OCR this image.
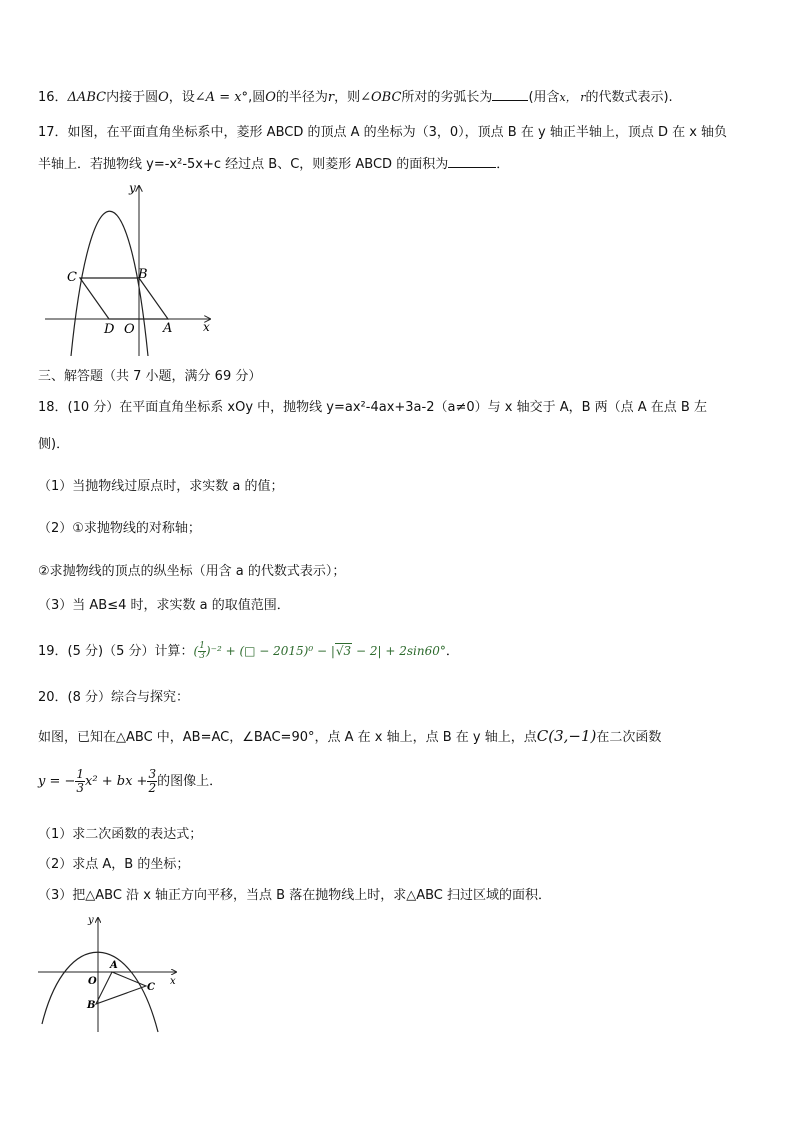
16．ΔABC内接于圆O，设∠A = x°,圆O的半径为r，则∠OBC所对的劣弧长为	(用含x， r的代数式表示).
17．如图，在平面直角坐标系中，菱形 ABCD 的顶点 A 的坐标为（3，0），顶点 B 在 y 轴正半轴上，顶点 D 在 x 轴负
半轴上．若抛物线 y=-x²-5x+c 经过点 B、C，则菱形 ABCD 的面积为	．
y
x
C	B
D O A
三、解答题（共 7 小题，满分 69 分）
18．(10 分）在平面直角坐标系 xOy 中，抛物线 y=ax²-4ax+3a-2（a≠0）与 x 轴交于 A，B 两（点 A 在点 B 左
侧)．
（1）当抛物线过原点时，求实数 a 的值；
（2）①求抛物线的对称轴；
②求抛物线的顶点的纵坐标（用含 a 的代数式表示）；
（3）当 AB≤4 时，求实数 a 的取值范围．
19．(5 分)（5 分）计算：( $\frac{1}{3} )^{-2}$ + (□ − 2015)⁰ − |√3 − 2| + 2sin60°．
20．(8 分）综合与探究：
如图，已知在△ABC 中，AB=AC，∠BAC=90°，点 A 在 x 轴上，点 B 在 y 轴上，点C(3,−1)在二次函数
y = − $\frac{1}{3} x^2$ + bx + $\frac{3}{2}$ 的图像上．
（1）求二次函数的表达式；
（2）求点 A，B 的坐标；
（3）把△ABC 沿 x 轴正方向平移，当点 B 落在抛物线上时，求△ABC 扫过区域的面积．
y
x
O
A
B
C
